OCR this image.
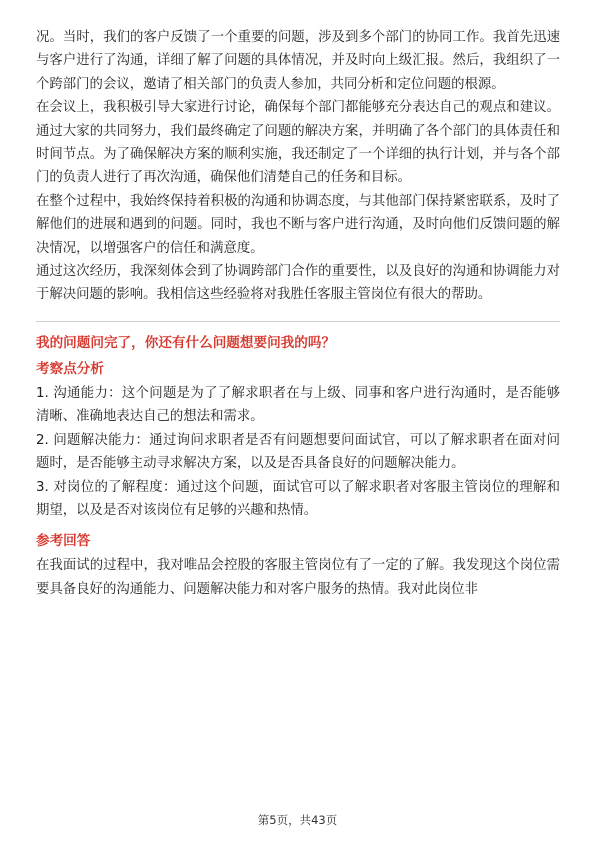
况。当时，我们的客户反馈了一个重要的问题，涉及到多个部门的协同工作。我首先迅速与客户进行了沟通，详细了解了问题的具体情况，并及时向上级汇报。然后，我组织了一个跨部门的会议，邀请了相关部门的负责人参加，共同分析和定位问题的根源。

在会议上，我积极引导大家进行讨论，确保每个部门都能够充分表达自己的观点和建议。通过大家的共同努力，我们最终确定了问题的解决方案，并明确了各个部门的具体责任和时间节点。为了确保解决方案的顺利实施，我还制定了一个详细的执行计划，并与各个部门的负责人进行了再次沟通，确保他们清楚自己的任务和目标。

在整个过程中，我始终保持着积极的沟通和协调态度，与其他部门保持紧密联系，及时了解他们的进展和遇到的问题。同时，我也不断与客户进行沟通，及时向他们反馈问题的解决情况，以增强客户的信任和满意度。

通过这次经历，我深刻体会到了协调跨部门合作的重要性，以及良好的沟通和协调能力对于解决问题的影响。我相信这些经验将对我胜任客服主管岗位有很大的帮助。

我的问题问完了，你还有什么问题想要问我的吗？

考察点分析

1. 沟通能力：这个问题是为了了解求职者在与上级、同事和客户进行沟通时，是否能够清晰、准确地表达自己的想法和需求。

2. 问题解决能力：通过询问求职者是否有问题想要问面试官，可以了解求职者在面对问题时，是否能够主动寻求解决方案，以及是否具备良好的问题解决能力。

3. 对岗位的了解程度：通过这个问题，面试官可以了解求职者对客服主管岗位的理解和期望，以及是否对该岗位有足够的兴趣和热情。

参考回答

在我面试的过程中，我对唯品会控股的客服主管岗位有了一定的了解。我发现这个岗位需要具备良好的沟通能力、问题解决能力和对客户服务的热情。我对此岗位非

第5页，共43页
